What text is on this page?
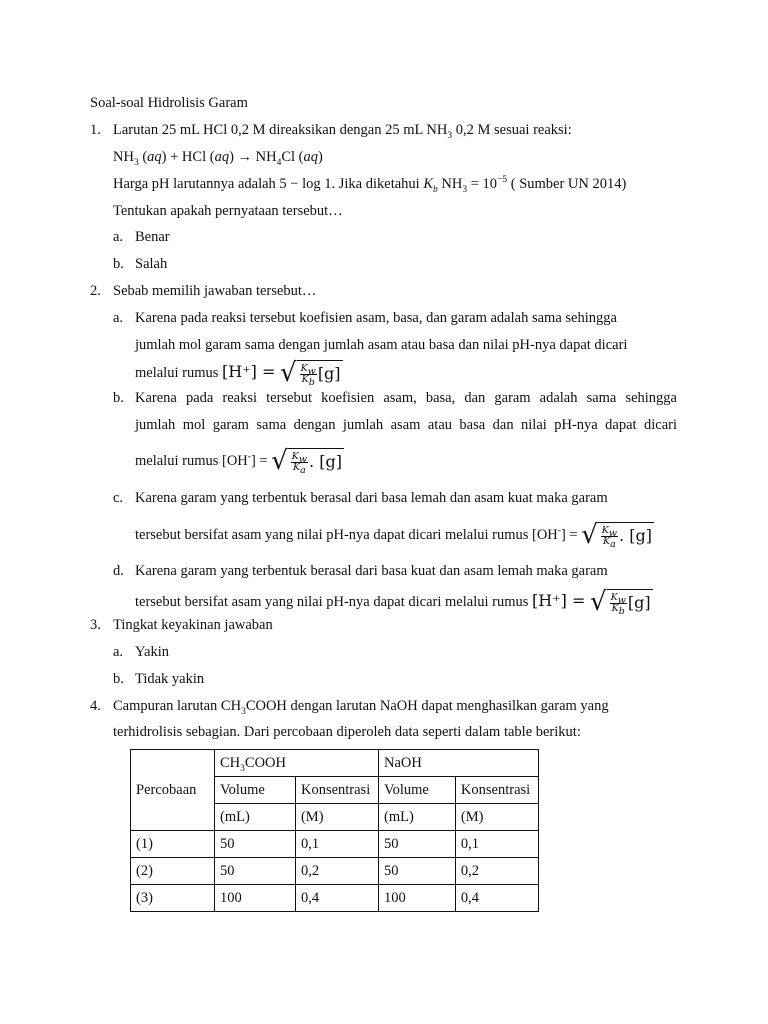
Soal-soal Hidrolisis Garam
1. Larutan 25 mL HCl 0,2 M direaksikan dengan 25 mL $NH_3$ 0,2 M sesuai reaksi:
$NH_3$ (aq) + HCl $(aq) \to NH_4Cl$ (aq)
Harga pH larutannya adalah 5 − log 1. Jika diketahui $K_b$ $NH_3 = 10^{-5}$ ( Sumber UN 2014)
Tentukan apakah pernyataan tersebut…
a. Benar
b. Salah
2. Sebab memilih jawaban tersebut…
a. Karena pada reaksi tersebut koefisien asam, basa, dan garam adalah sama sehingga
jumlah mol garam sama dengan jumlah asam atau basa dan nilai pH-nya dapat dicari
melalui rumus [H⁺] = √ $\frac{K_w}{K_b} [g]$
b. Karena pada reaksi tersebut koefisien asam, basa, dan garam adalah sama sehingga
jumlah mol garam sama dengan jumlah asam atau basa dan nilai pH-nya dapat dicari
melalui rumus [OH-] = √ $\frac{K_w}{K_a}$ . [g]
c. Karena garam yang terbentuk berasal dari basa lemah dan asam kuat maka garam
tersebut bersifat asam yang nilai pH-nya dapat dicari melalui rumus [OH-] = √ $\frac{K_w}{K_a}$ . [g]
d. Karena garam yang terbentuk berasal dari basa kuat dan asam lemah maka garam
tersebut bersifat asam yang nilai pH-nya dapat dicari melalui rumus [H⁺] = √ $\frac{K_w}{K_b} [g]$
3. Tingkat keyakinan jawaban
a. Yakin
b. Tidak yakin
4. Campuran larutan $CH_3COOH$ dengan larutan NaOH dapat menghasilkan garam yang
terhidrolisis sebagian. Dari percobaan diperoleh data seperti dalam table berikut:
Percobaan	$CH_3COOH$		NaOH	
	Volume	Konsentrasi	Volume	Konsentrasi
	(mL)	(M)	(mL)	(M)
(1)	50	0,1	50	0,1
(2)	50	0,2	50	0,2
(3)	100	0,4	100	0,4
